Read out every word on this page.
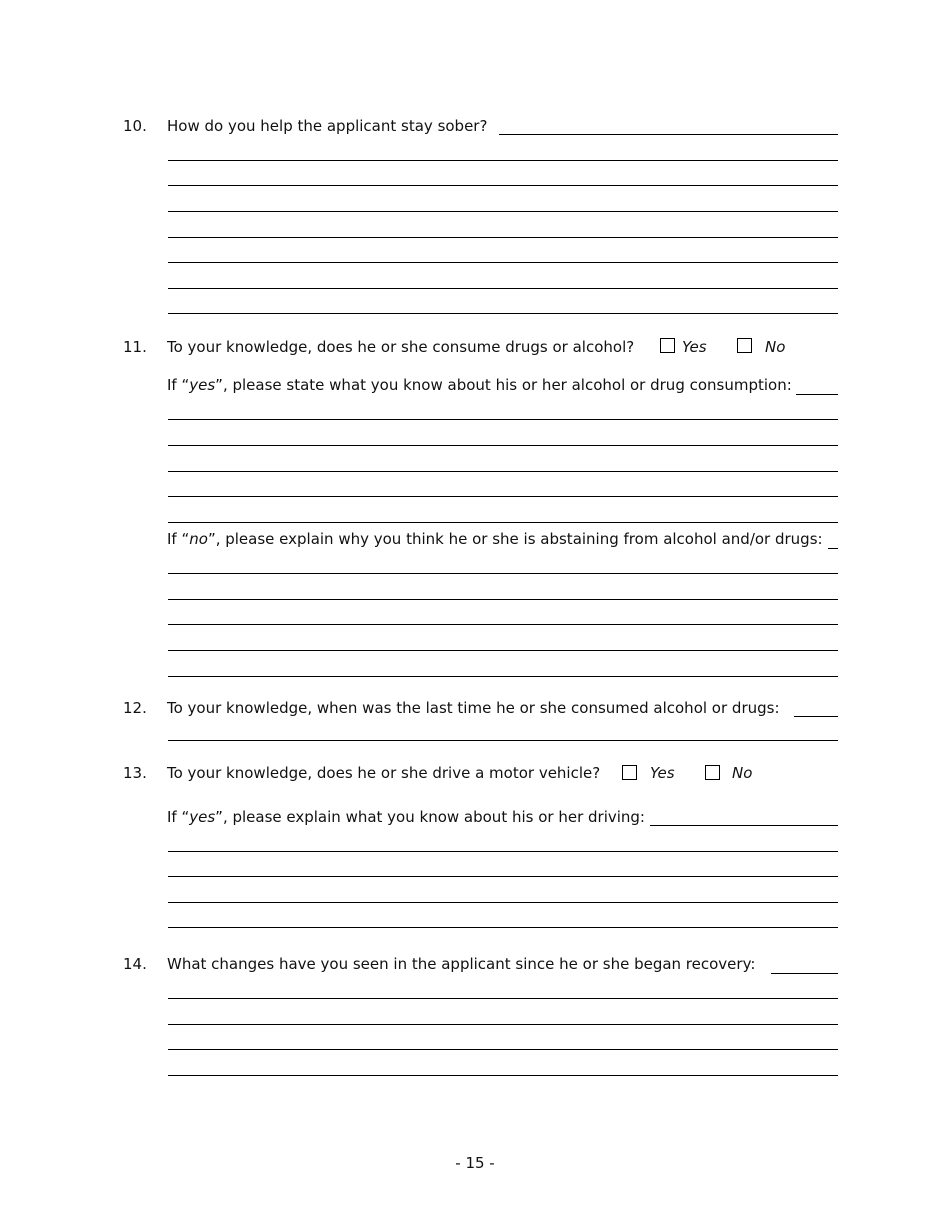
10. How do you help the applicant stay sober?
11. To your knowledge, does he or she consume drugs or alcohol?	Yes	No
If “yes”, please state what you know about his or her alcohol or drug consumption:
If “no”, please explain why you think he or she is abstaining from alcohol and/or drugs:
12. To your knowledge, when was the last time he or she consumed alcohol or drugs:
13. To your knowledge, does he or she drive a motor vehicle?	Yes	No
If “yes”, please explain what you know about his or her driving:
14. What changes have you seen in the applicant since he or she began recovery:
- 15 -
